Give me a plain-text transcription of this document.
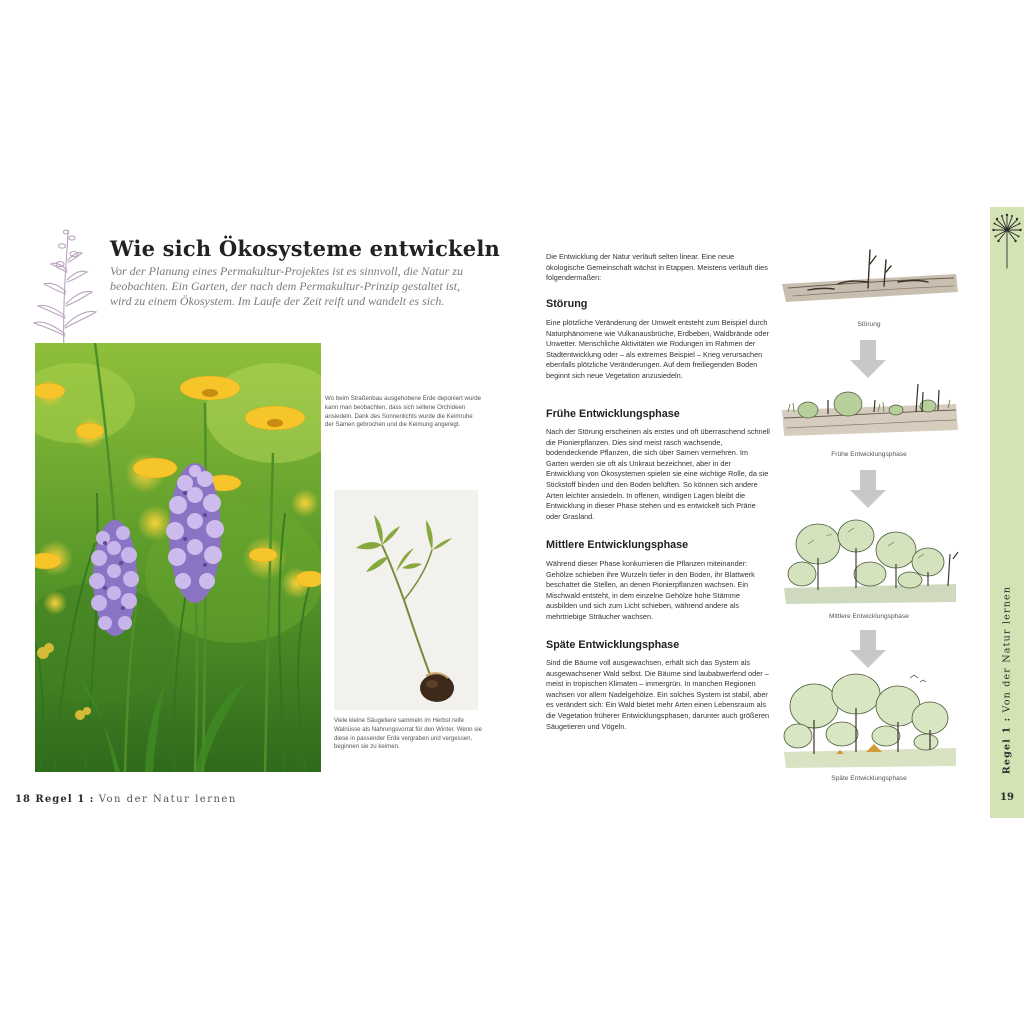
Wie sich Ökosysteme entwickeln

Vor der Planung eines Permakultur-Projektes ist es sinnvoll, die Natur zu beobachten. Ein Garten, der nach dem Permakultur-Prinzip gestaltet ist, wird zu einem Ökosystem. Im Laufe der Zeit reift und wandelt es sich.

Wo beim Straßenbau ausgehobene Erde deponiert wurde kann man beobachten, dass sich seltene Orchideen ansiedeln. Dank des Sonnenlichts wurde die Keimruhe der Samen gebrochen und die Keimung angeregt.

Viele kleine Säugetiere sammeln im Herbst reife Walnüsse als Nahrungsvorrat für den Winter. Wenn sie diese in passender Erde vergraben und vergessen, beginnen sie zu keimen.

18 Regel 1 : Von der Natur lernen

Die Entwicklung der Natur verläuft selten linear. Eine neue ökologische Gemeinschaft wächst in Etappen. Meistens verläuft dies folgendermaßen:

Störung

Eine plötzliche Veränderung der Umwelt entsteht zum Beispiel durch Naturphänomene wie Vulkanausbrüche, Erdbeben, Waldbrände oder Unwetter. Menschliche Aktivitäten wie Rodungen im Rahmen der Stadtentwicklung oder – als extremes Beispiel – Krieg verursachen ebenfalls plötzliche Veränderungen. Auf dem freiliegenden Boden beginnt sich neue Vegetation anzusiedeln.

Frühe Entwicklungsphase

Nach der Störung erscheinen als erstes und oft überraschend schnell die Pionierpflanzen. Dies sind meist rasch wachsende, bodendeckende Pflanzen, die sich über Samen vermehren. Im Garten werden sie oft als Unkraut bezeichnet, aber in der Entwicklung von Ökosystemen spielen sie eine wichtige Rolle, da sie Stickstoff binden und den Boden belüften. So können sich andere Arten leichter ansiedeln. In offenen, windigen Lagen bleibt die Entwicklung in dieser Phase stehen und es entwickelt sich Prärie oder Grasland.

Mittlere Entwicklungsphase

Während dieser Phase konkurrieren die Pflanzen miteinander: Gehölze schieben ihre Wurzeln tiefer in den Boden, ihr Blattwerk beschattet die Stellen, an denen Pionierpflanzen wachsen. Ein Mischwald entsteht, in dem einzelne Gehölze hohe Stämme ausbilden und sich zum Licht schieben, während andere als mehrtriebige Sträucher wachsen.

Späte Entwicklungsphase

Sind die Bäume voll ausgewachsen, erhält sich das System als ausgewachsener Wald selbst. Die Bäume sind laubabwerfend oder – meist in tropischen Klimaten – immergrün. In manchen Regionen wachsen vor allem Nadelgehölze. Ein solches System ist stabil, aber es verändert sich: Ein Wald bietet mehr Arten einen Lebensraum als die Vegetation früherer Entwicklungsphasen, darunter auch größeren Säugetieren und Vögeln.

Störung

Frühe Entwicklungsphase

Mittlere Entwicklungsphase

Späte Entwicklungsphase

Regel 1 : Von der Natur lernen
19
